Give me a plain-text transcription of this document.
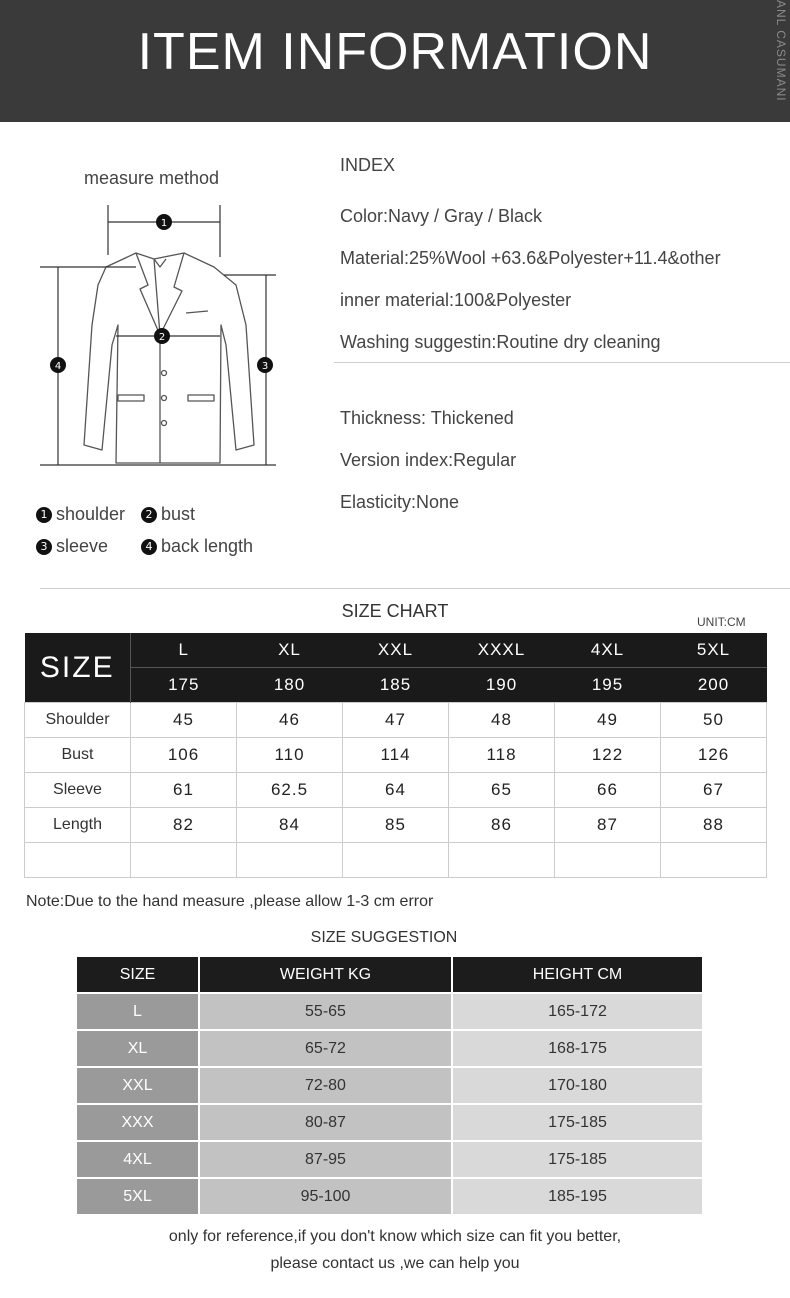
ITEM INFORMATION	ANL CASUMANI
measure method
1
2
3
4
1 shoulder	2 bust
3 sleeve	4 back length
INDEX
Color:Navy / Gray / Black
Material:25%Wool +63.6&Polyester+11.4&other
inner material:100&Polyester
Washing suggestin:Routine dry cleaning
Thickness: Thickened
Version index:Regular
Elasticity:None
SIZE CHART
UNIT:CM
SIZE	L	XL	XXL	XXXL	4XL	5XL
	175	180	185	190	195	200
Shoulder	45	46	47	48	49	50
Bust	106	110	114	118	122	126
Sleeve	61	62.5	64	65	66	67
Length	82	84	85	86	87	88

Note:Due to the hand measure ,please allow 1-3 cm error
SIZE SUGGESTION
SIZE	WEIGHT KG	HEIGHT CM
L	55-65	165-172
XL	65-72	168-175
XXL	72-80	170-180
XXX	80-87	175-185
4XL	87-95	175-185
5XL	95-100	185-195
only for reference,if you don't know which size can fit you better,
please contact us ,we can help you
